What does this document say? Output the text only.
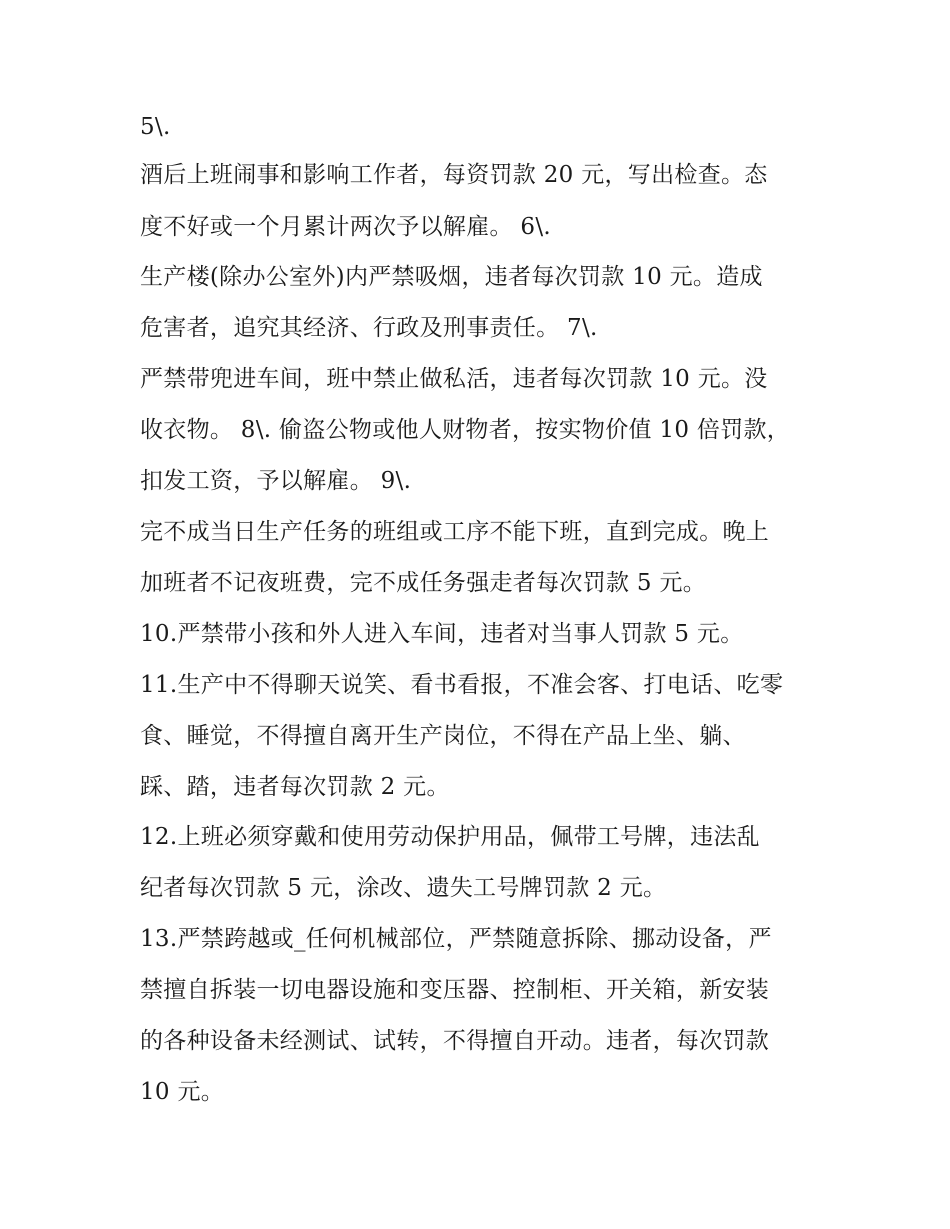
5\.
酒后上班闹事和影响工作者，每资罚款 20 元，写出检查。态
度不好或一个月累计两次予以解雇。 6\.
生产楼(除办公室外)内严禁吸烟，违者每次罚款 10 元。造成
危害者，追究其经济、行政及刑事责任。 7\.
严禁带兜进车间，班中禁止做私活，违者每次罚款 10 元。没
收衣物。 8\. 偷盗公物或他人财物者，按实物价值 10 倍罚款，
扣发工资，予以解雇。 9\.
完不成当日生产任务的班组或工序不能下班，直到完成。晚上
加班者不记夜班费，完不成任务强走者每次罚款 5 元。
10.严禁带小孩和外人进入车间，违者对当事人罚款 5 元。
11.生产中不得聊天说笑、看书看报，不准会客、打电话、吃零
食、睡觉，不得擅自离开生产岗位，不得在产品上坐、躺、
踩、踏，违者每次罚款 2 元。
12.上班必须穿戴和使用劳动保护用品，佩带工号牌，违法乱
纪者每次罚款 5 元，涂改、遗失工号牌罚款 2 元。
13.严禁跨越或_任何机械部位，严禁随意拆除、挪动设备，严
禁擅自拆装一切电器设施和变压器、控制柜、开关箱，新安装
的各种设备未经测试、试转，不得擅自开动。违者，每次罚款
10 元。
